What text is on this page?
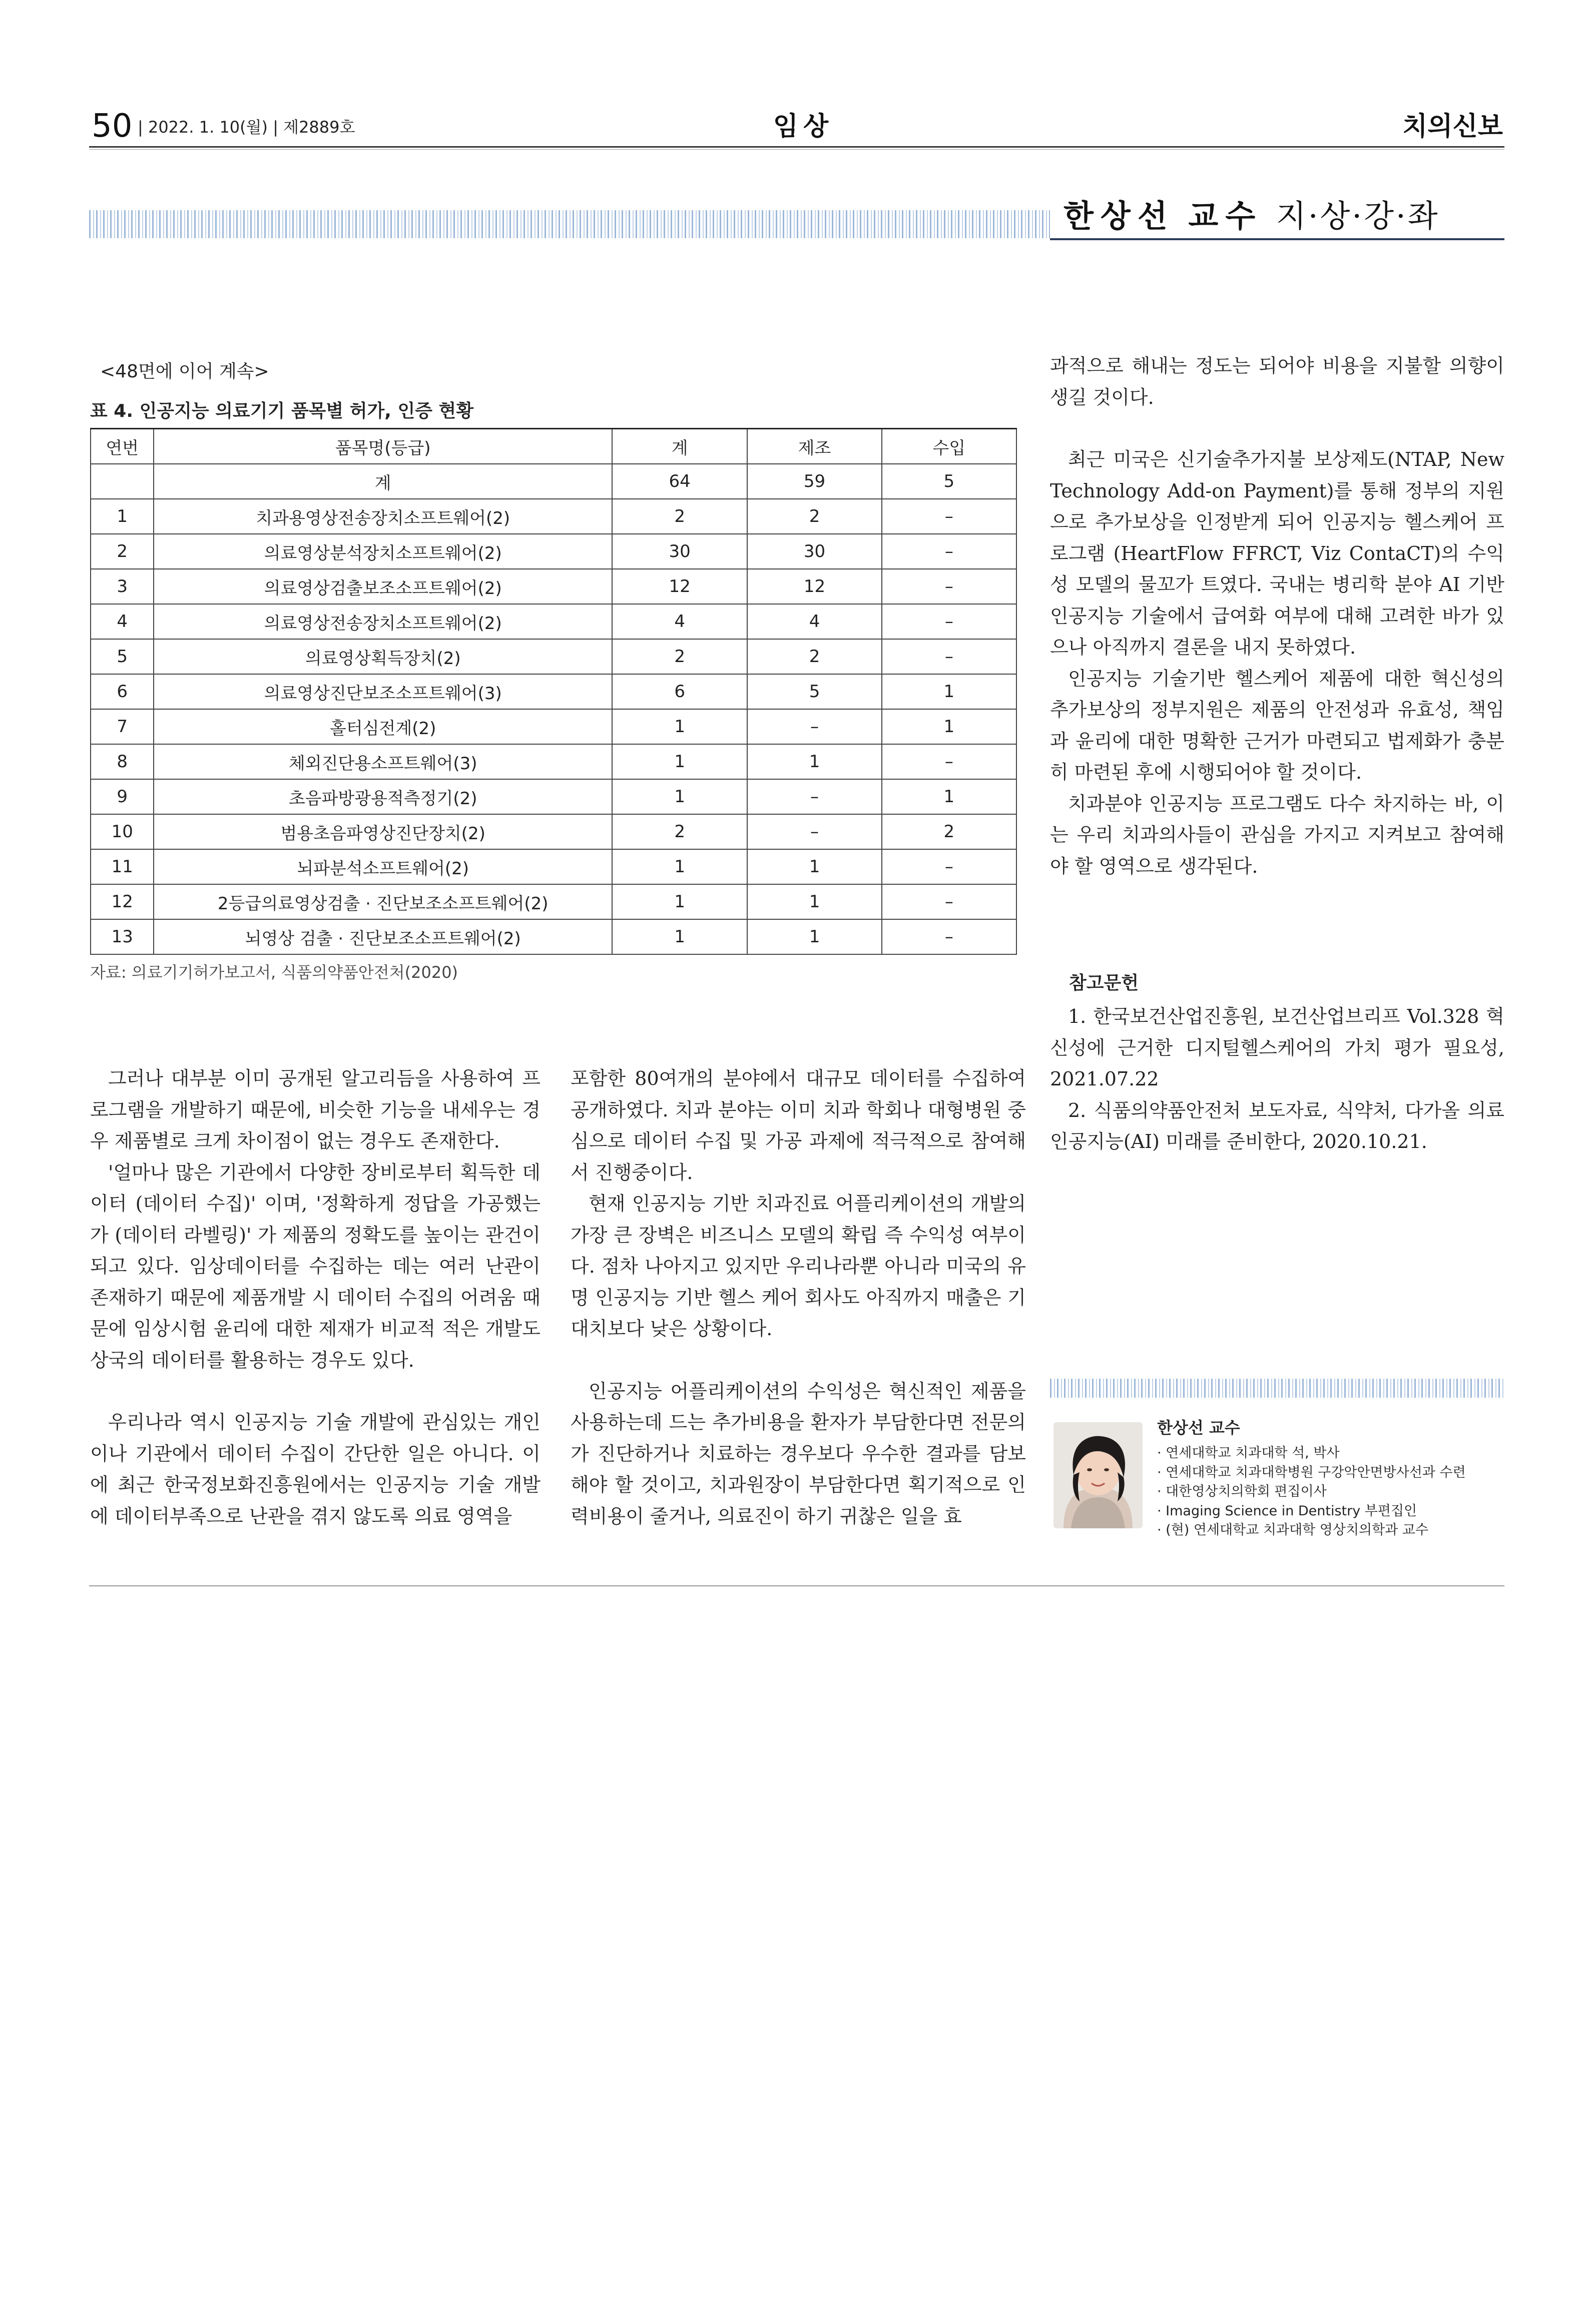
50 | 2022. 1. 10(월) | 제2889호	임상	치의신보
한상선 교수 지·상·강·좌
<48면에 이어 계속>
표 4. 인공지능 의료기기 품목별 허가, 인증 현황
연번	품목명(등급)	계	제조	수입
	계	64	59	5
1	치과용영상전송장치소프트웨어(2)	2	2	–
2	의료영상분석장치소프트웨어(2)	30	30	–
3	의료영상검출보조소프트웨어(2)	12	12	–
4	의료영상전송장치소프트웨어(2)	4	4	–
5	의료영상획득장치(2)	2	2	–
6	의료영상진단보조소프트웨어(3)	6	5	1
7	홀터심전계(2)	1	–	1
8	체외진단용소프트웨어(3)	1	1	–
9	초음파방광용적측정기(2)	1	–	1
10	범용초음파영상진단장치(2)	2	–	2
11	뇌파분석소프트웨어(2)	1	1	–
12	2등급의료영상검출 · 진단보조소프트웨어(2)	1	1	–
13	뇌영상 검출 · 진단보조소프트웨어(2)	1	1	–
자료: 의료기기허가보고서, 식품의약품안전처(2020)

그러나 대부분 이미 공개된 알고리듬을 사용하여 프로그램을 개발하기 때문에, 비슷한 기능을 내세우는 경우 제품별로 크게 차이점이 없는 경우도 존재한다.

'얼마나 많은 기관에서 다양한 장비로부터 획득한 데이터 (데이터 수집)' 이며, '정확하게 정답을 가공했는가 (데이터 라벨링)' 가 제품의 정확도를 높이는 관건이 되고 있다. 임상데이터를 수집하는 데는 여러 난관이 존재하기 때문에 제품개발 시 데이터 수집의 어려움 때문에 임상시험 윤리에 대한 제재가 비교적 적은 개발도상국의 데이터를 활용하는 경우도 있다.

우리나라 역시 인공지능 기술 개발에 관심있는 개인이나 기관에서 데이터 수집이 간단한 일은 아니다. 이에 최근 한국정보화진흥원에서는 인공지능 기술 개발에 데이터부족으로 난관을 겪지 않도록 의료 영역을

포함한 80여개의 분야에서 대규모 데이터를 수집하여 공개하였다. 치과 분야는 이미 치과 학회나 대형병원 중심으로 데이터 수집 및 가공 과제에 적극적으로 참여해서 진행중이다.

현재 인공지능 기반 치과진료 어플리케이션의 개발의 가장 큰 장벽은 비즈니스 모델의 확립 즉 수익성 여부이다. 점차 나아지고 있지만 우리나라뿐 아니라 미국의 유명 인공지능 기반 헬스 케어 회사도 아직까지 매출은 기대치보다 낮은 상황이다.

인공지능 어플리케이션의 수익성은 혁신적인 제품을 사용하는데 드는 추가비용을 환자가 부담한다면 전문의가 진단하거나 치료하는 경우보다 우수한 결과를 담보해야 할 것이고, 치과원장이 부담한다면 획기적으로 인력비용이 줄거나, 의료진이 하기 귀찮은 일을 효

과적으로 해내는 정도는 되어야 비용을 지불할 의향이 생길 것이다.

최근 미국은 신기술추가지불 보상제도(NTAP, New Technology Add-on Payment)를 통해 정부의 지원으로 추가보상을 인정받게 되어 인공지능 헬스케어 프로그램 (HeartFlow FFRCT, Viz ContaCT)의 수익성 모델의 물꼬가 트였다. 국내는 병리학 분야 AI 기반 인공지능 기술에서 급여화 여부에 대해 고려한 바가 있으나 아직까지 결론을 내지 못하였다.

인공지능 기술기반 헬스케어 제품에 대한 혁신성의 추가보상의 정부지원은 제품의 안전성과 유효성, 책임과 윤리에 대한 명확한 근거가 마련되고 법제화가 충분히 마련된 후에 시행되어야 할 것이다.

치과분야 인공지능 프로그램도 다수 차지하는 바, 이는 우리 치과의사들이 관심을 가지고 지켜보고 참여해야 할 영역으로 생각된다.

참고문헌

1. 한국보건산업진흥원, 보건산업브리프 Vol.328 혁신성에 근거한 디지털헬스케어의 가치 평가 필요성, 2021.07.22

2. 식품의약품안전처 보도자료, 식약처, 다가올 의료인공지능(AI) 미래를 준비한다, 2020.10.21.

한상선 교수
· 연세대학교 치과대학 석, 박사
· 연세대학교 치과대학병원 구강악안면방사선과 수련
· 대한영상치의학회 편집이사
· Imaging Science in Dentistry 부편집인
· (현) 연세대학교 치과대학 영상치의학과 교수
